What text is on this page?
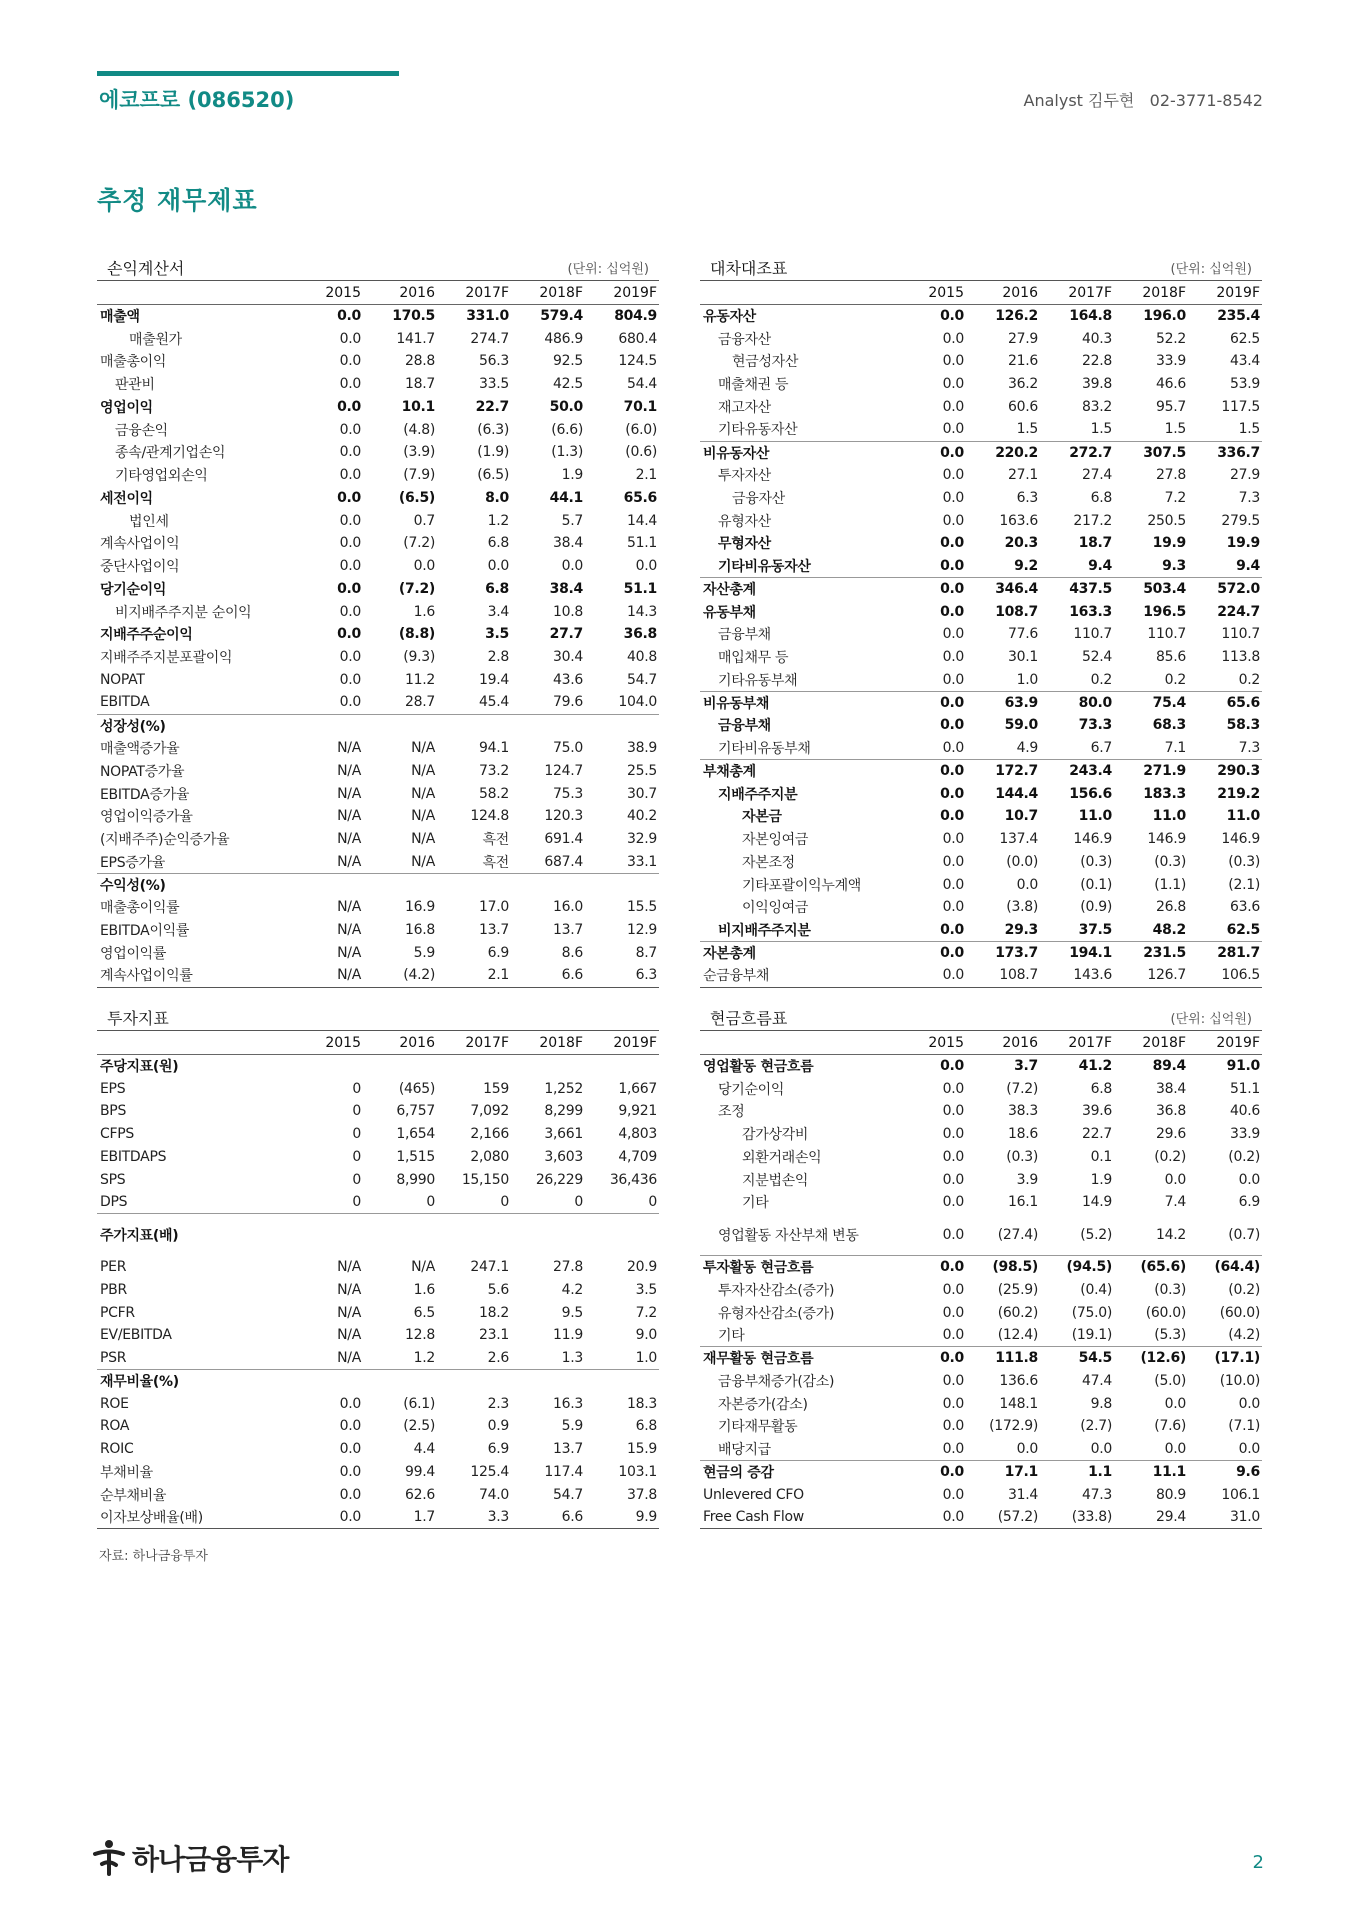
에코프로 (086520)	Analyst 김두현   02-3771-8542
추정 재무제표
손익계산서	(단위: 십억원)
	2015	2016	2017F	2018F	2019F
매출액	0.0	170.5	331.0	579.4	804.9
매출원가	0.0	141.7	274.7	486.9	680.4
매출총이익	0.0	28.8	56.3	92.5	124.5
판관비	0.0	18.7	33.5	42.5	54.4
영업이익	0.0	10.1	22.7	50.0	70.1
금융손익	0.0	(4.8)	(6.3)	(6.6)	(6.0)
종속/관계기업손익	0.0	(3.9)	(1.9)	(1.3)	(0.6)
기타영업외손익	0.0	(7.9)	(6.5)	1.9	2.1
세전이익	0.0	(6.5)	8.0	44.1	65.6
법인세	0.0	0.7	1.2	5.7	14.4
계속사업이익	0.0	(7.2)	6.8	38.4	51.1
중단사업이익	0.0	0.0	0.0	0.0	0.0
당기순이익	0.0	(7.2)	6.8	38.4	51.1
비지배주주지분 순이익	0.0	1.6	3.4	10.8	14.3
지배주주순이익	0.0	(8.8)	3.5	27.7	36.8
지배주주지분포괄이익	0.0	(9.3)	2.8	30.4	40.8
NOPAT	0.0	11.2	19.4	43.6	54.7
EBITDA	0.0	28.7	45.4	79.6	104.0
성장성(%)					
매출액증가율	N/A	N/A	94.1	75.0	38.9
NOPAT증가율	N/A	N/A	73.2	124.7	25.5
EBITDA증가율	N/A	N/A	58.2	75.3	30.7
영업이익증가율	N/A	N/A	124.8	120.3	40.2
(지배주주)순익증가율	N/A	N/A	흑전	691.4	32.9
EPS증가율	N/A	N/A	흑전	687.4	33.1
수익성(%)					
매출총이익률	N/A	16.9	17.0	16.0	15.5
EBITDA이익률	N/A	16.8	13.7	13.7	12.9
영업이익률	N/A	5.9	6.9	8.6	8.7
계속사업이익률	N/A	(4.2)	2.1	6.6	6.3
대차대조표	(단위: 십억원)
	2015	2016	2017F	2018F	2019F
유동자산	0.0	126.2	164.8	196.0	235.4
금융자산	0.0	27.9	40.3	52.2	62.5
현금성자산	0.0	21.6	22.8	33.9	43.4
매출채권 등	0.0	36.2	39.8	46.6	53.9
재고자산	0.0	60.6	83.2	95.7	117.5
기타유동자산	0.0	1.5	1.5	1.5	1.5
비유동자산	0.0	220.2	272.7	307.5	336.7
투자자산	0.0	27.1	27.4	27.8	27.9
금융자산	0.0	6.3	6.8	7.2	7.3
유형자산	0.0	163.6	217.2	250.5	279.5
무형자산	0.0	20.3	18.7	19.9	19.9
기타비유동자산	0.0	9.2	9.4	9.3	9.4
자산총계	0.0	346.4	437.5	503.4	572.0
유동부채	0.0	108.7	163.3	196.5	224.7
금융부채	0.0	77.6	110.7	110.7	110.7
매입채무 등	0.0	30.1	52.4	85.6	113.8
기타유동부채	0.0	1.0	0.2	0.2	0.2
비유동부채	0.0	63.9	80.0	75.4	65.6
금융부채	0.0	59.0	73.3	68.3	58.3
기타비유동부채	0.0	4.9	6.7	7.1	7.3
부채총계	0.0	172.7	243.4	271.9	290.3
지배주주지분	0.0	144.4	156.6	183.3	219.2
자본금	0.0	10.7	11.0	11.0	11.0
자본잉여금	0.0	137.4	146.9	146.9	146.9
자본조정	0.0	(0.0)	(0.3)	(0.3)	(0.3)
기타포괄이익누계액	0.0	0.0	(0.1)	(1.1)	(2.1)
이익잉여금	0.0	(3.8)	(0.9)	26.8	63.6
비지배주주지분	0.0	29.3	37.5	48.2	62.5
자본총계	0.0	173.7	194.1	231.5	281.7
순금융부채	0.0	108.7	143.6	126.7	106.5
투자지표
	2015	2016	2017F	2018F	2019F
주당지표(원)					
EPS	0	(465)	159	1,252	1,667
BPS	0	6,757	7,092	8,299	9,921
CFPS	0	1,654	2,166	3,661	4,803
EBITDAPS	0	1,515	2,080	3,603	4,709
SPS	0	8,990	15,150	26,229	36,436
DPS	0	0	0	0	0
주가지표(배)					
PER	N/A	N/A	247.1	27.8	20.9
PBR	N/A	1.6	5.6	4.2	3.5
PCFR	N/A	6.5	18.2	9.5	7.2
EV/EBITDA	N/A	12.8	23.1	11.9	9.0
PSR	N/A	1.2	2.6	1.3	1.0
재무비율(%)					
ROE	0.0	(6.1)	2.3	16.3	18.3
ROA	0.0	(2.5)	0.9	5.9	6.8
ROIC	0.0	4.4	6.9	13.7	15.9
부채비율	0.0	99.4	125.4	117.4	103.1
순부채비율	0.0	62.6	74.0	54.7	37.8
이자보상배율(배)	0.0	1.7	3.3	6.6	9.9
현금흐름표	(단위: 십억원)
	2015	2016	2017F	2018F	2019F
영업활동 현금흐름	0.0	3.7	41.2	89.4	91.0
당기순이익	0.0	(7.2)	6.8	38.4	51.1
조정	0.0	38.3	39.6	36.8	40.6
감가상각비	0.0	18.6	22.7	29.6	33.9
외환거래손익	0.0	(0.3)	0.1	(0.2)	(0.2)
지분법손익	0.0	3.9	1.9	0.0	0.0
기타	0.0	16.1	14.9	7.4	6.9
영업활동 자산부채 변동	0.0	(27.4)	(5.2)	14.2	(0.7)
투자활동 현금흐름	0.0	(98.5)	(94.5)	(65.6)	(64.4)
투자자산감소(증가)	0.0	(25.9)	(0.4)	(0.3)	(0.2)
유형자산감소(증가)	0.0	(60.2)	(75.0)	(60.0)	(60.0)
기타	0.0	(12.4)	(19.1)	(5.3)	(4.2)
재무활동 현금흐름	0.0	111.8	54.5	(12.6)	(17.1)
금융부채증가(감소)	0.0	136.6	47.4	(5.0)	(10.0)
자본증가(감소)	0.0	148.1	9.8	0.0	0.0
기타재무활동	0.0	(172.9)	(2.7)	(7.6)	(7.1)
배당지급	0.0	0.0	0.0	0.0	0.0
현금의 증감	0.0	17.1	1.1	11.1	9.6
Unlevered CFO	0.0	31.4	47.3	80.9	106.1
Free Cash Flow	0.0	(57.2)	(33.8)	29.4	31.0
자료: 하나금융투자
하나금융투자	2
